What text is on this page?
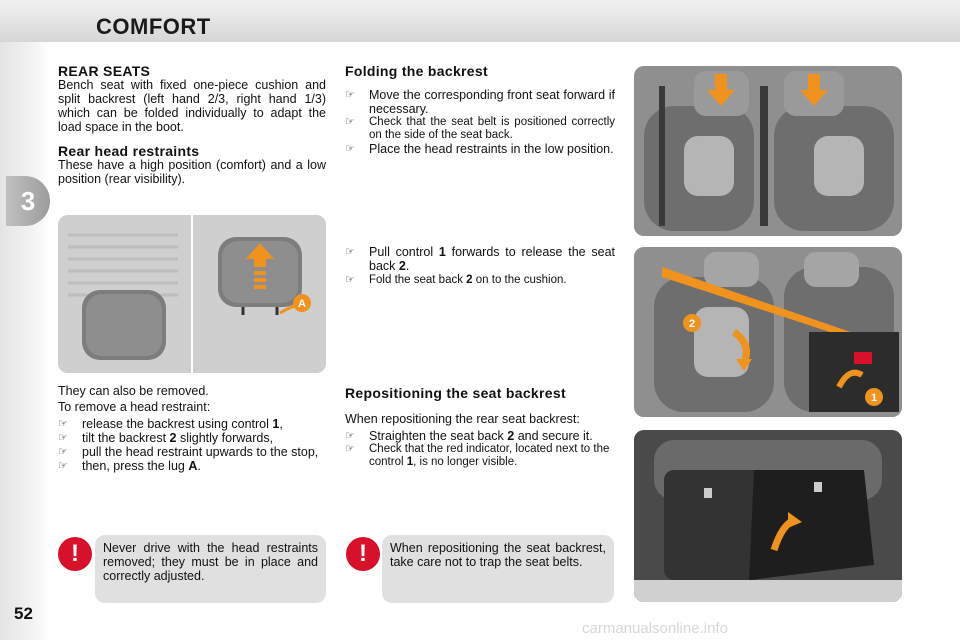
COMFORT
3
52

REAR SEATS

Bench seat with fixed one-piece cushion and split backrest (left hand 2/3, right hand 1/3) which can be folded individually to adapt the load space in the boot.

Rear head restraints

These have a high position (comfort) and a low position (rear visibility).

A

They can also be removed.

To remove a head restraint:

☞ release the backrest using control 1,

☞ tilt the backrest 2 slightly forwards,

☞ pull the head restraint upwards to the stop,

☞ then, press the lug A.

Never drive with the head restraints removed; they must be in place and correctly adjusted.
!

Folding the backrest

☞ Move the corresponding front seat forward if necessary.

☞ Check that the seat belt is positioned correctly on the side of the seat back.

☞ Place the head restraints in the low position.

☞ Pull control 1 forwards to release the seat back 2.

☞ Fold the seat back 2 on to the cushion.

Repositioning the seat backrest

When repositioning the rear seat backrest:

☞ Straighten the seat back 2 and secure it.

☞ Check that the red indicator, located next to the control 1, is no longer visible.

When repositioning the seat backrest, take care not to trap the seat belts.
!
2
1
carmanualsonline.info
